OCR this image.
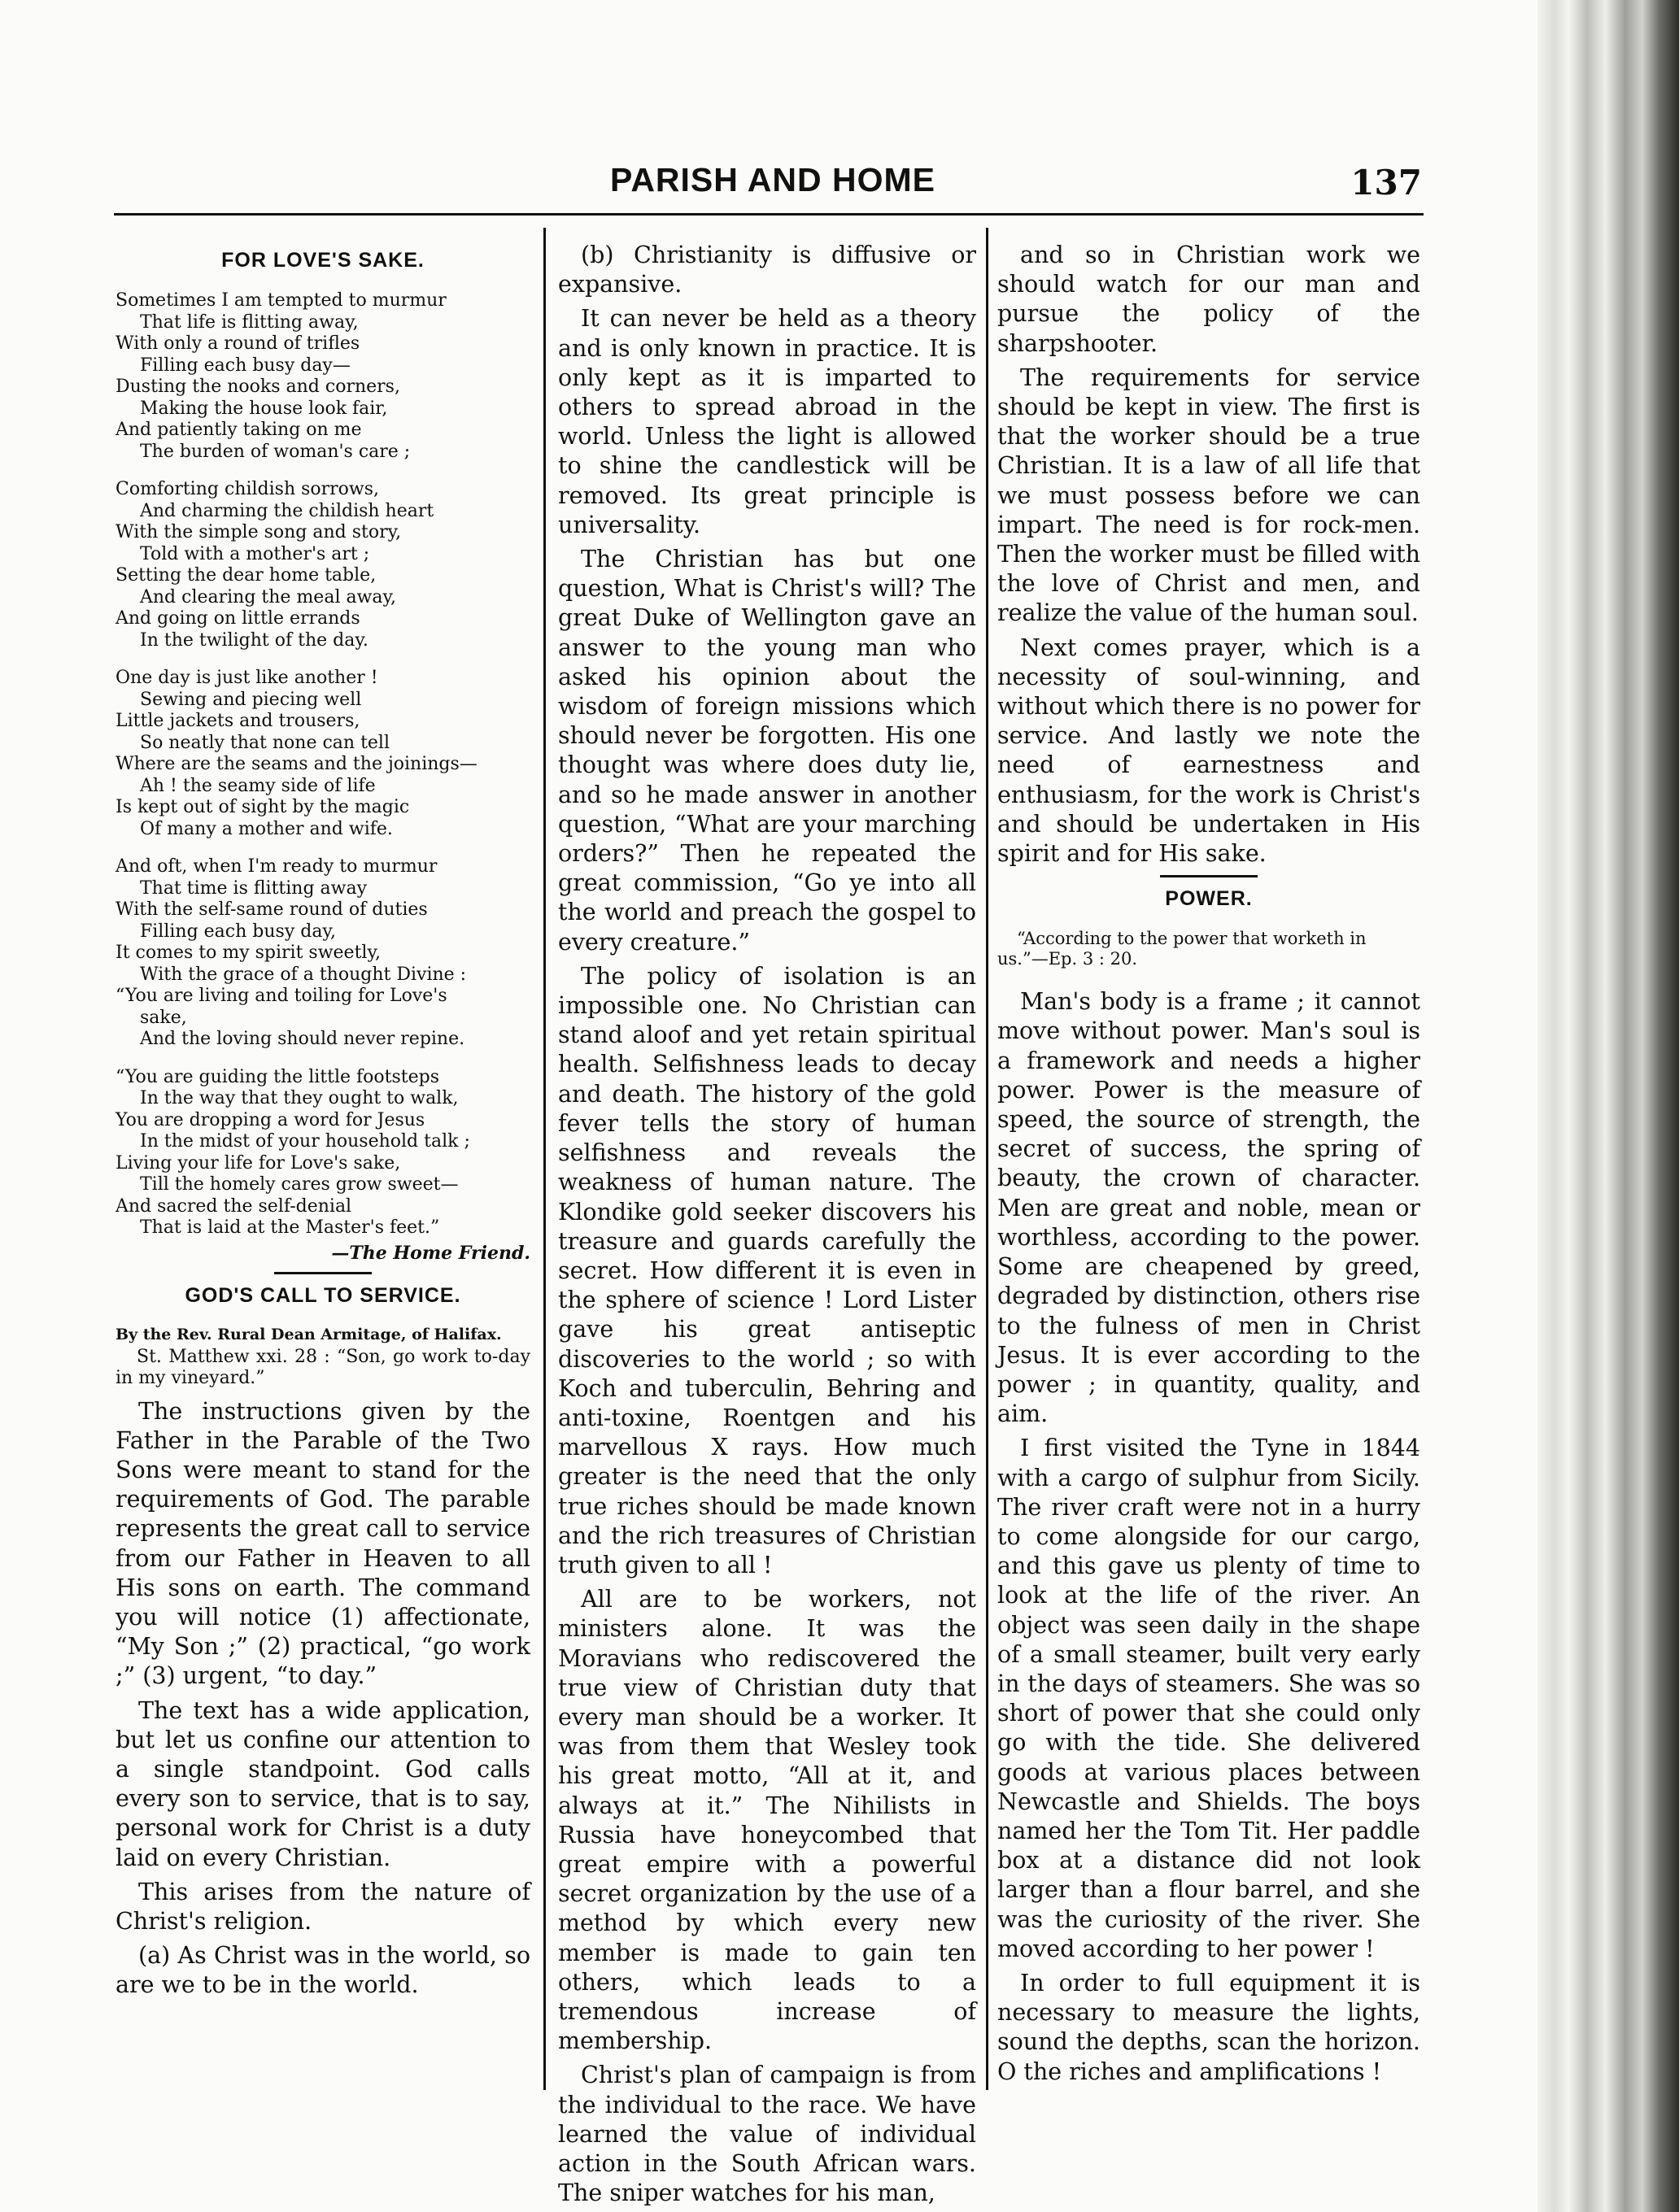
PARISH AND HOME	137
FOR LOVE'S SAKE.
Sometimes I am tempted to murmur
That life is flitting away,
With only a round of trifles
Filling each busy day—
Dusting the nooks and corners,
Making the house look fair,
And patiently taking on me
The burden of woman's care ;
Comforting childish sorrows,
And charming the childish heart
With the simple song and story,
Told with a mother's art ;
Setting the dear home table,
And clearing the meal away,
And going on little errands
In the twilight of the day.
One day is just like another !
Sewing and piecing well
Little jackets and trousers,
So neatly that none can tell
Where are the seams and the joinings—
Ah ! the seamy side of life
Is kept out of sight by the magic
Of many a mother and wife.
And oft, when I'm ready to murmur
That time is flitting away
With the self-same round of duties
Filling each busy day,
It comes to my spirit sweetly,
With the grace of a thought Divine :
“You are living and toiling for Love's
sake,
And the loving should never repine.
“You are guiding the little footsteps
In the way that they ought to walk,
You are dropping a word for Jesus
In the midst of your household talk ;
Living your life for Love's sake,
Till the homely cares grow sweet—
And sacred the self-denial
That is laid at the Master's feet.”
—The Home Friend.
GOD'S CALL TO SERVICE.
By the Rev. Rural Dean Armitage, of Halifax.
St. Matthew xxi. 28 : “Son, go work to-day in my vineyard.”

The instructions given by the Father in the Parable of the Two Sons were meant to stand for the requirements of God. The parable represents the great call to service from our Father in Heaven to all His sons on earth. The command you will notice (1) affectionate, “My Son ;” (2) practical, “go work ;” (3) urgent, “to day.”

The text has a wide application, but let us confine our attention to a single standpoint. God calls every son to service, that is to say, personal work for Christ is a duty laid on every Christian.

This arises from the nature of Christ's religion.

(a) As Christ was in the world, so are we to be in the world.

(b) Christianity is diffusive or expansive.

It can never be held as a theory and is only known in practice. It is only kept as it is imparted to others to spread abroad in the world. Unless the light is allowed to shine the candlestick will be removed. Its great principle is universality.

The Christian has but one question, What is Christ's will? The great Duke of Wellington gave an answer to the young man who asked his opinion about the wisdom of foreign missions which should never be forgotten. His one thought was where does duty lie, and so he made answer in another question, “What are your marching orders?” Then he repeated the great commission, “Go ye into all the world and preach the gospel to every creature.”

The policy of isolation is an impossible one. No Christian can stand aloof and yet retain spiritual health. Selfishness leads to decay and death. The history of the gold fever tells the story of human selfishness and reveals the weakness of human nature. The Klondike gold seeker discovers his treasure and guards carefully the secret. How different it is even in the sphere of science ! Lord Lister gave his great antiseptic discoveries to the world ; so with Koch and tuberculin, Behring and anti-toxine, Roentgen and his marvellous X rays. How much greater is the need that the only true riches should be made known and the rich treasures of Christian truth given to all !

All are to be workers, not ministers alone. It was the Moravians who rediscovered the true view of Christian duty that every man should be a worker. It was from them that Wesley took his great motto, “All at it, and always at it.” The Nihilists in Russia have honeycombed that great empire with a powerful secret organization by the use of a method by which every new member is made to gain ten others, which leads to a tremendous increase of membership.

Christ's plan of campaign is from the individual to the race. We have learned the value of individual action in the South African wars. The sniper watches for his man,

and so in Christian work we should watch for our man and pursue the policy of the sharpshooter.

The requirements for service should be kept in view. The first is that the worker should be a true Christian. It is a law of all life that we must possess before we can impart. The need is for rock-men. Then the worker must be filled with the love of Christ and men, and realize the value of the human soul.

Next comes prayer, which is a necessity of soul-winning, and without which there is no power for service. And lastly we note the need of earnestness and enthusiasm, for the work is Christ's and should be undertaken in His spirit and for His sake.

POWER.
“According to the power that worketh in us.”—Ep. 3 : 20.

Man's body is a frame ; it cannot move without power. Man's soul is a framework and needs a higher power. Power is the measure of speed, the source of strength, the secret of success, the spring of beauty, the crown of character. Men are great and noble, mean or worthless, according to the power. Some are cheapened by greed, degraded by distinction, others rise to the fulness of men in Christ Jesus. It is ever according to the power ; in quantity, quality, and aim.

I first visited the Tyne in 1844 with a cargo of sulphur from Sicily. The river craft were not in a hurry to come alongside for our cargo, and this gave us plenty of time to look at the life of the river. An object was seen daily in the shape of a small steamer, built very early in the days of steamers. She was so short of power that she could only go with the tide. She delivered goods at various places between Newcastle and Shields. The boys named her the Tom Tit. Her paddle box at a distance did not look larger than a flour barrel, and she was the curiosity of the river. She moved according to her power !

In order to full equipment it is necessary to measure the lights, sound the depths, scan the horizon. O the riches and amplifications !
